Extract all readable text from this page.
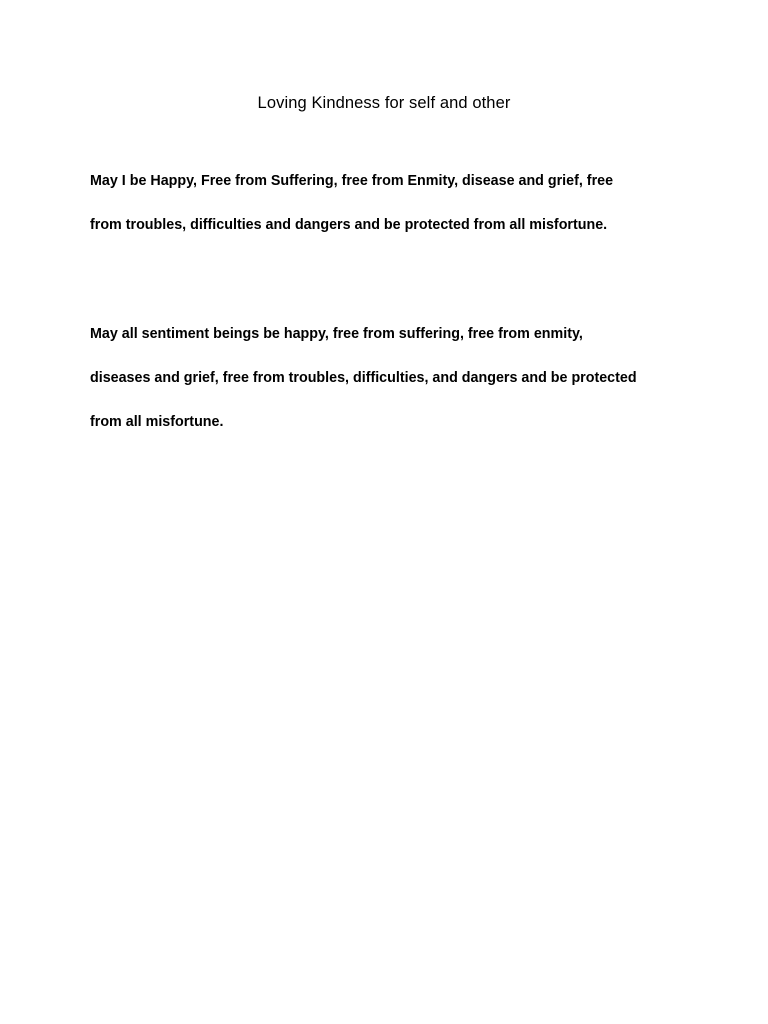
Loving Kindness for self and other

May I be Happy, Free from Suffering, free from Enmity, disease and grief, free
from troubles, difficulties and dangers and be protected from all misfortune.

May all sentiment beings be happy, free from suffering, free from enmity,
diseases and grief, free from troubles, difficulties, and dangers and be protected
from all misfortune.
